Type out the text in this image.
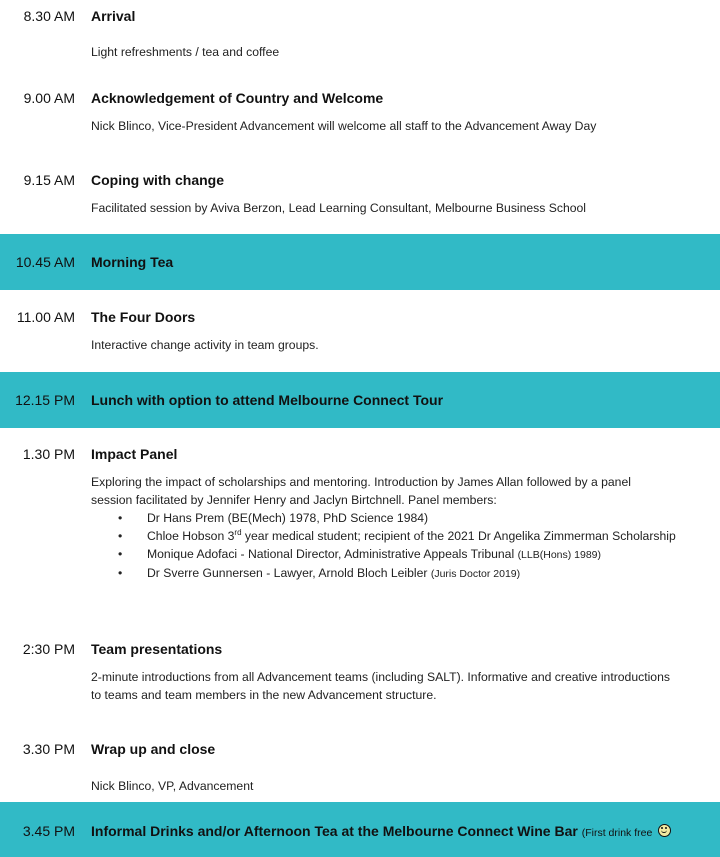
8.30 AM Arrival
Light refreshments / tea and coffee
9.00 AM Acknowledgement of Country and Welcome
Nick Blinco, Vice-President Advancement will welcome all staff to the Advancement Away Day
9.15 AM Coping with change
Facilitated session by Aviva Berzon, Lead Learning Consultant, Melbourne Business School
10.45 AM Morning Tea
11.00 AM The Four Doors
Interactive change activity in team groups.
12.15 PM Lunch with option to attend Melbourne Connect Tour
1.30 PM Impact Panel
Exploring the impact of scholarships and mentoring. Introduction by James Allan followed by a panel session facilitated by Jennifer Henry and Jaclyn Birtchnell. Panel members:
• Dr Hans Prem (BE(Mech) 1978, PhD Science 1984)
• Chloe Hobson 3rd year medical student; recipient of the 2021 Dr Angelika Zimmerman Scholarship
• Monique Adofaci - National Director, Administrative Appeals Tribunal (LLB(Hons) 1989)
• Dr Sverre Gunnersen - Lawyer, Arnold Bloch Leibler (Juris Doctor 2019)
2:30 PM Team presentations
2-minute introductions from all Advancement teams (including SALT). Informative and creative introductions to teams and team members in the new Advancement structure.
3.30 PM Wrap up and close
Nick Blinco, VP, Advancement
3.45 PM Informal Drinks and/or Afternoon Tea at the Melbourne Connect Wine Bar (First drink free
